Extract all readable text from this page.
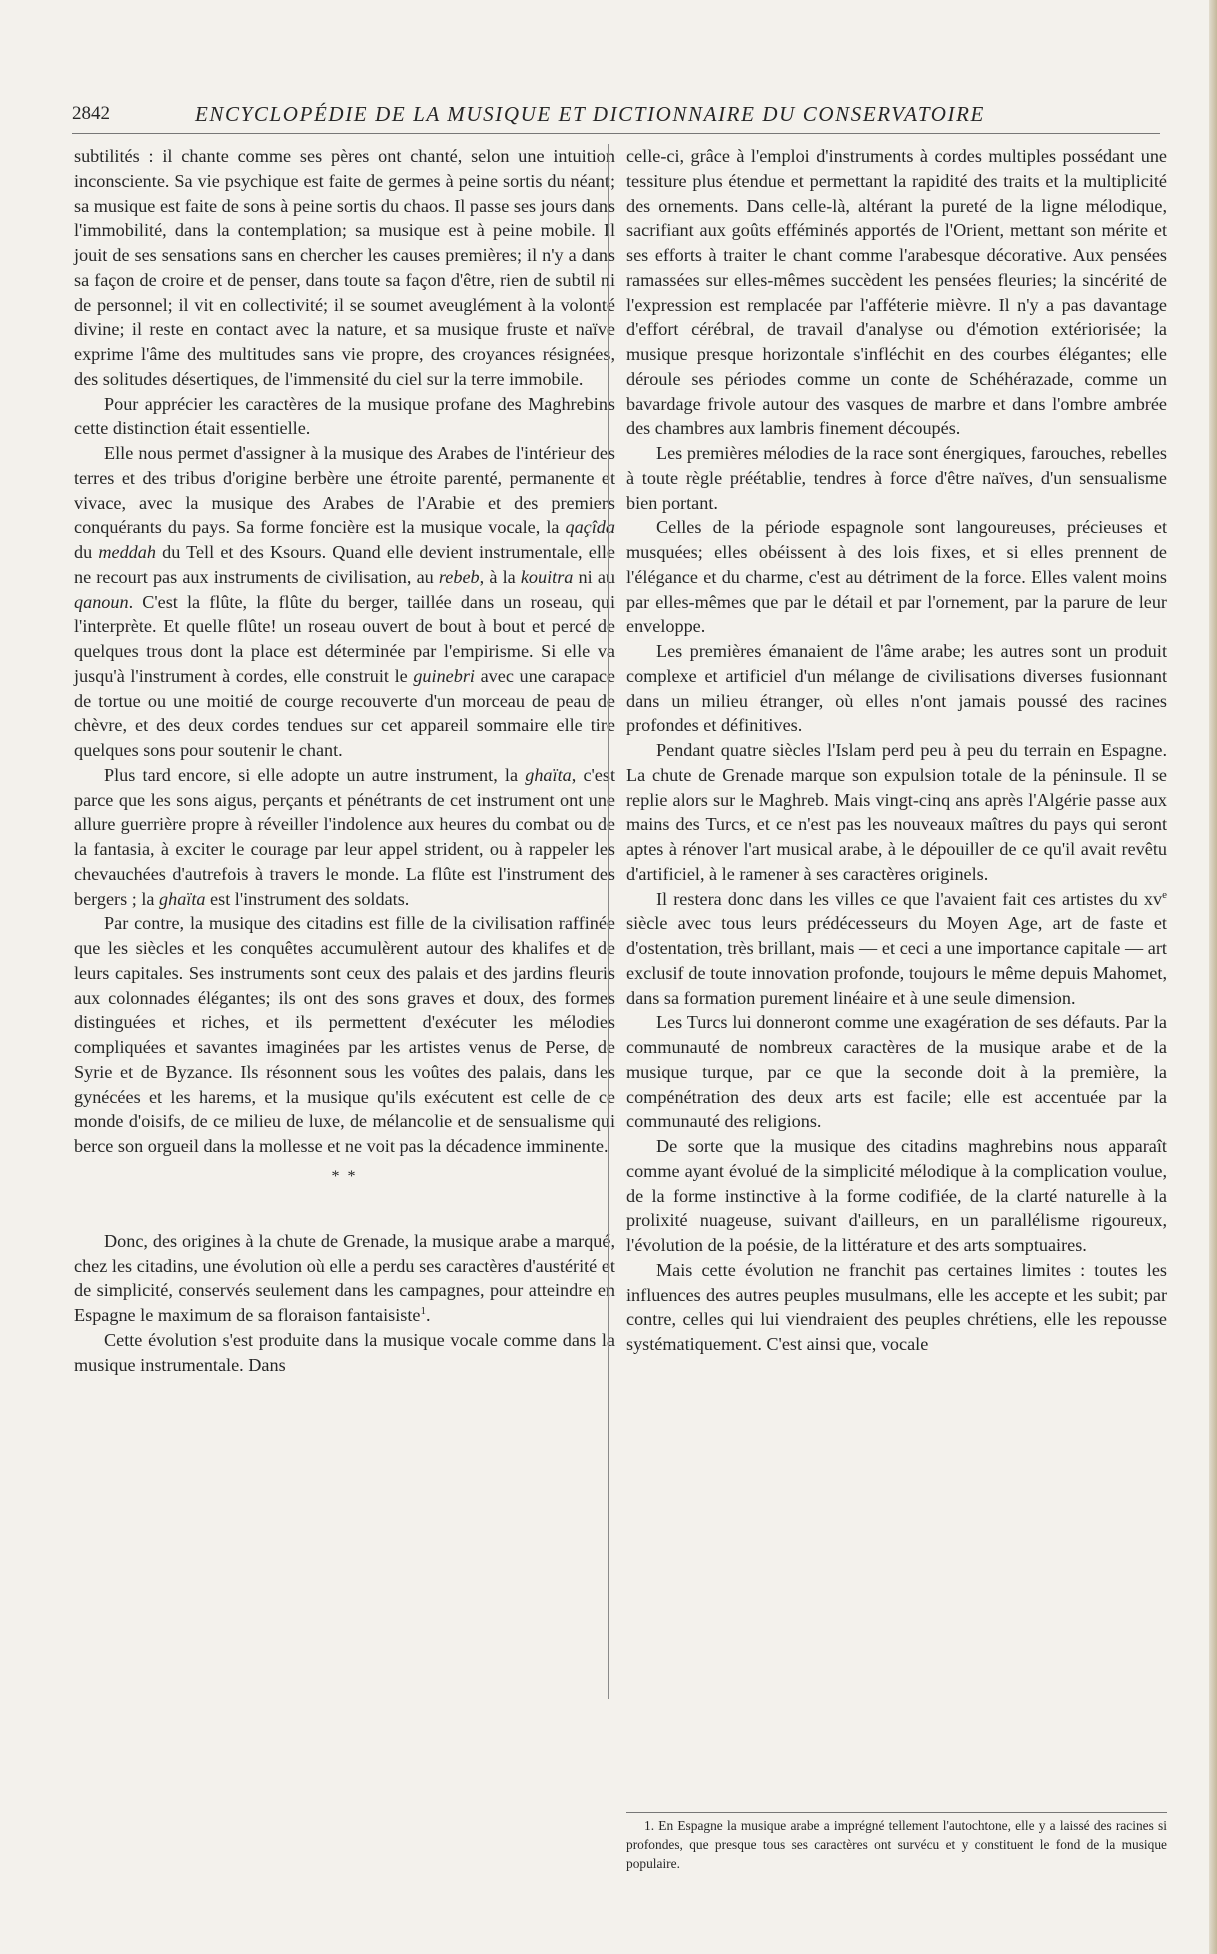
2842	ENCYCLOPÉDIE DE LA MUSIQUE ET DICTIONNAIRE DU CONSERVATOIRE

subtilités : il chante comme ses pères ont chanté, selon une intuition inconsciente. Sa vie psychique est faite de germes à peine sortis du néant; sa musique est faite de sons à peine sortis du chaos. Il passe ses jours dans l'immobilité, dans la contemplation; sa musique est à peine mobile. Il jouit de ses sensations sans en chercher les causes premières; il n'y a dans sa façon de croire et de penser, dans toute sa façon d'être, rien de subtil ni de personnel; il vit en collectivité; il se soumet aveuglément à la volonté divine; il reste en contact avec la nature, et sa musique fruste et naïve exprime l'âme des multitudes sans vie propre, des croyances résignées, des solitudes désertiques, de l'immensité du ciel sur la terre immobile.

Pour apprécier les caractères de la musique profane des Maghrebins cette distinction était essentielle.

Elle nous permet d'assigner à la musique des Arabes de l'intérieur des terres et des tribus d'origine berbère une étroite parenté, permanente et vivace, avec la musique des Arabes de l'Arabie et des premiers conquérants du pays. Sa forme foncière est la musique vocale, la qaçîda du meddah du Tell et des Ksours. Quand elle devient instrumentale, elle ne recourt pas aux instruments de civilisation, au rebeb, à la kouitra ni au qanoun. C'est la flûte, la flûte du berger, taillée dans un roseau, qui l'interprète. Et quelle flûte! un roseau ouvert de bout à bout et percé de quelques trous dont la place est déterminée par l'empirisme. Si elle va jusqu'à l'instrument à cordes, elle construit le guinebri avec une carapace de tortue ou une moitié de courge recouverte d'un morceau de peau de chèvre, et des deux cordes tendues sur cet appareil sommaire elle tire quelques sons pour soutenir le chant.

Plus tard encore, si elle adopte un autre instrument, la ghaïta, c'est parce que les sons aigus, perçants et pénétrants de cet instrument ont une allure guerrière propre à réveiller l'indolence aux heures du combat ou de la fantasia, à exciter le courage par leur appel strident, ou à rappeler les chevauchées d'autrefois à travers le monde. La flûte est l'instrument des bergers ; la ghaïta est l'instrument des soldats.

Par contre, la musique des citadins est fille de la civilisation raffinée que les siècles et les conquêtes accumulèrent autour des khalifes et de leurs capitales. Ses instruments sont ceux des palais et des jardins fleuris aux colonnades élégantes; ils ont des sons graves et doux, des formes distinguées et riches, et ils permettent d'exécuter les mélodies compliquées et savantes imaginées par les artistes venus de Perse, de Syrie et de Byzance. Ils résonnent sous les voûtes des palais, dans les gynécées et les harems, et la musique qu'ils exécutent est celle de ce monde d'oisifs, de ce milieu de luxe, de mélancolie et de sensualisme qui berce son orgueil dans la mollesse et ne voit pas la décadence imminente.

* *

Donc, des origines à la chute de Grenade, la musique arabe a marqué, chez les citadins, une évolution où elle a perdu ses caractères d'austérité et de simplicité, conservés seulement dans les campagnes, pour atteindre en Espagne le maximum de sa floraison fantaisiste$^1$.

Cette évolution s'est produite dans la musique vocale comme dans la musique instrumentale. Dans

celle-ci, grâce à l'emploi d'instruments à cordes multiples possédant une tessiture plus étendue et permettant la rapidité des traits et la multiplicité des ornements. Dans celle-là, altérant la pureté de la ligne mélodique, sacrifiant aux goûts efféminés apportés de l'Orient, mettant son mérite et ses efforts à traiter le chant comme l'arabesque décorative. Aux pensées ramassées sur elles-mêmes succèdent les pensées fleuries; la sincérité de l'expression est remplacée par l'afféterie mièvre. Il n'y a pas davantage d'effort cérébral, de travail d'analyse ou d'émotion extériorisée; la musique presque horizontale s'infléchit en des courbes élégantes; elle déroule ses périodes comme un conte de Schéhérazade, comme un bavardage frivole autour des vasques de marbre et dans l'ombre ambrée des chambres aux lambris finement découpés.

Les premières mélodies de la race sont énergiques, farouches, rebelles à toute règle préétablie, tendres à force d'être naïves, d'un sensualisme bien portant.

Celles de la période espagnole sont langoureuses, précieuses et musquées; elles obéissent à des lois fixes, et si elles prennent de l'élégance et du charme, c'est au détriment de la force. Elles valent moins par elles-mêmes que par le détail et par l'ornement, par la parure de leur enveloppe.

Les premières émanaient de l'âme arabe; les autres sont un produit complexe et artificiel d'un mélange de civilisations diverses fusionnant dans un milieu étranger, où elles n'ont jamais poussé des racines profondes et définitives.

Pendant quatre siècles l'Islam perd peu à peu du terrain en Espagne. La chute de Grenade marque son expulsion totale de la péninsule. Il se replie alors sur le Maghreb. Mais vingt-cinq ans après l'Algérie passe aux mains des Turcs, et ce n'est pas les nouveaux maîtres du pays qui seront aptes à rénover l'art musical arabe, à le dépouiller de ce qu'il avait revêtu d'artificiel, à le ramener à ses caractères originels.

Il restera donc dans les villes ce que l'avaient fait ces artistes du $xv^e$ siècle avec tous leurs prédécesseurs du Moyen Age, art de faste et d'ostentation, très brillant, mais — et ceci a une importance capitale — art exclusif de toute innovation profonde, toujours le même depuis Mahomet, dans sa formation purement linéaire et à une seule dimension.

Les Turcs lui donneront comme une exagération de ses défauts. Par la communauté de nombreux caractères de la musique arabe et de la musique turque, par ce que la seconde doit à la première, la compénétration des deux arts est facile; elle est accentuée par la communauté des religions.

De sorte que la musique des citadins maghrebins nous apparaît comme ayant évolué de la simplicité mélodique à la complication voulue, de la forme instinctive à la forme codifiée, de la clarté naturelle à la prolixité nuageuse, suivant d'ailleurs, en un parallélisme rigoureux, l'évolution de la poésie, de la littérature et des arts somptuaires.

Mais cette évolution ne franchit pas certaines limites : toutes les influences des autres peuples musulmans, elle les accepte et les subit; par contre, celles qui lui viendraient des peuples chrétiens, elle les repousse systématiquement. C'est ainsi que, vocale

1. En Espagne la musique arabe a imprégné tellement l'autochtone, elle y a laissé des racines si profondes, que presque tous ses caractères ont survécu et y constituent le fond de la musique populaire.
